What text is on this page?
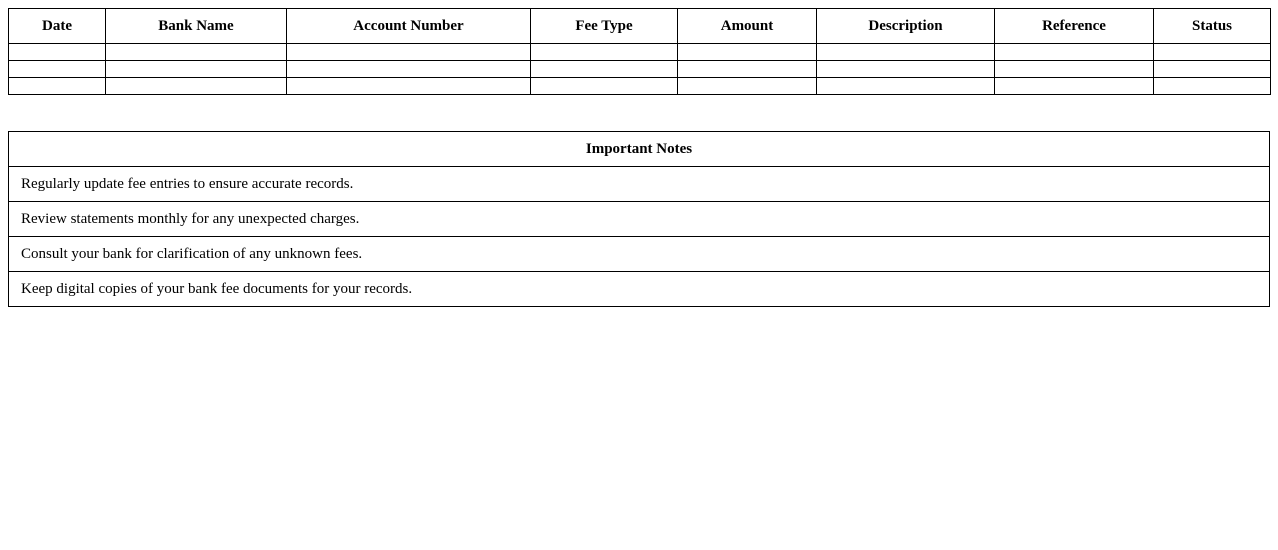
Date	Bank Name	Account Number	Fee Type	Amount	Description	Reference	Status

Important Notes
Regularly update fee entries to ensure accurate records.
Review statements monthly for any unexpected charges.
Consult your bank for clarification of any unknown fees.
Keep digital copies of your bank fee documents for your records.
